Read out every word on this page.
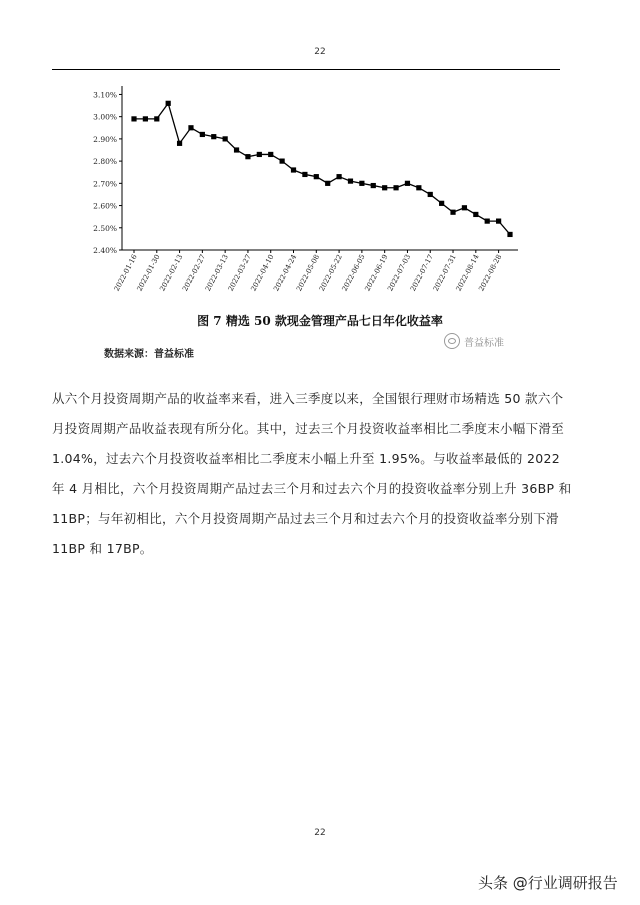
22
2.40%
2.50%
2.60%
2.70%
2.80%
2.90%
3.00%
3.10%
2022-01-16
2022-01-30
2022-02-13
2022-02-27
2022-03-13
2022-03-27
2022-04-10
2022-04-24
2022-05-08
2022-05-22
2022-06-05
2022-06-19
2022-07-03
2022-07-17
2022-07-31
2022-08-14
2022-08-28
图 7 精选 50 款现金管理产品七日年化收益率
数据来源：普益标准
普益标准

从六个月投资周期产品的收益率来看，进入三季度以来，全国银行理财市场精选 50 款六个月投资周期产品收益表现有所分化。其中，过去三个月投资收益率相比二季度末小幅下滑至 1.04%，过去六个月投资收益率相比二季度末小幅上升至 1.95%。与收益率最低的 2022 年 4 月相比，六个月投资周期产品过去三个月和过去六个月的投资收益率分别上升 36BP 和 11BP；与年初相比，六个月投资周期产品过去三个月和过去六个月的投资收益率分别下滑 11BP 和 17BP。

22
头条 @行业调研报告
